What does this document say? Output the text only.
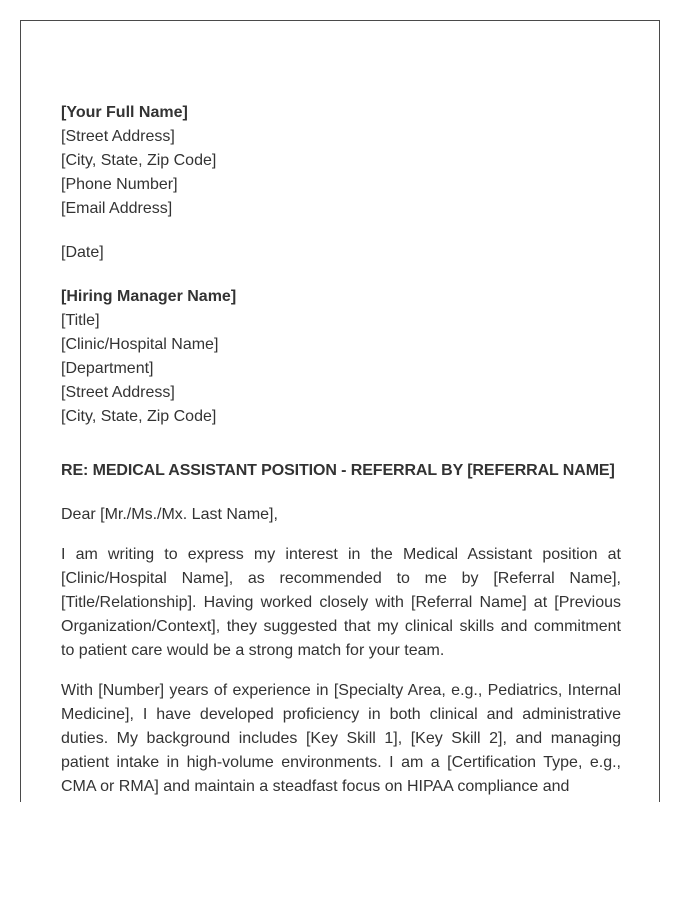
[Your Full Name]
[Street Address]
[City, State, Zip Code]
[Phone Number]
[Email Address]
[Date]
[Hiring Manager Name]
[Title]
[Clinic/Hospital Name]
[Department]
[Street Address]
[City, State, Zip Code]
RE: MEDICAL ASSISTANT POSITION - REFERRAL BY [REFERRAL NAME]
Dear [Mr./Ms./Mx. Last Name],

I am writing to express my interest in the Medical Assistant position at [Clinic/Hospital Name], as recommended to me by [Referral Name], [Title/Relationship]. Having worked closely with [Referral Name] at [Previous Organization/Context], they suggested that my clinical skills and commitment to patient care would be a strong match for your team.

With [Number] years of experience in [Specialty Area, e.g., Pediatrics, Internal Medicine], I have developed proficiency in both clinical and administrative duties. My background includes [Key Skill 1], [Key Skill 2], and managing patient intake in high-volume environments. I am a [Certification Type, e.g., CMA or RMA] and maintain a steadfast focus on HIPAA compliance and
